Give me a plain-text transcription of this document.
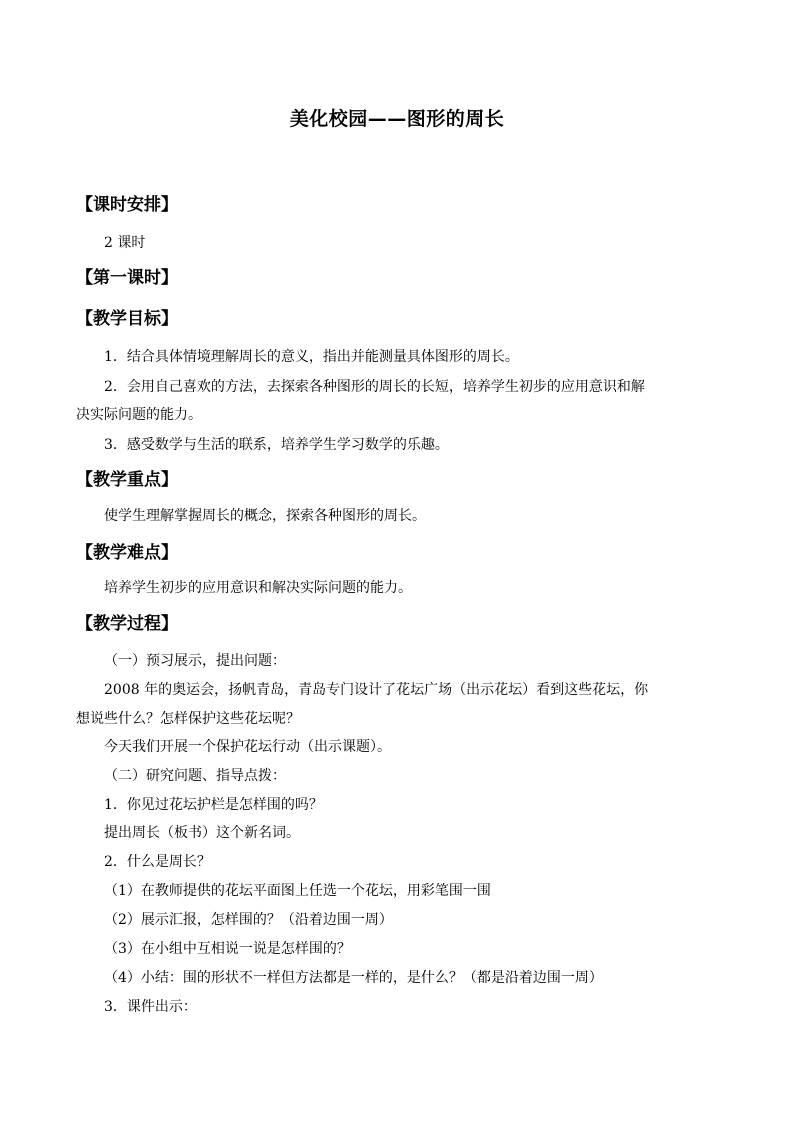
美化校园——图形的周长
【课时安排】
2 课时
【第一课时】
【教学目标】
1．结合具体情境理解周长的意义，指出并能测量具体图形的周长。
2．会用自己喜欢的方法，去探索各种图形的周长的长短，培养学生初步的应用意识和解
决实际问题的能力。
3．感受数学与生活的联系，培养学生学习数学的乐趣。
【教学重点】
使学生理解掌握周长的概念，探索各种图形的周长。
【教学难点】
培养学生初步的应用意识和解决实际问题的能力。
【教学过程】
（一）预习展示，提出问题：
2008 年的奥运会，扬帆青岛，青岛专门设计了花坛广场（出示花坛）看到这些花坛，你
想说些什么？怎样保护这些花坛呢？
今天我们开展一个保护花坛行动（出示课题）。
（二）研究问题、指导点拨：
1．你见过花坛护栏是怎样围的吗？
提出周长（板书）这个新名词。
2．什么是周长？
（1）在教师提供的花坛平面图上任选一个花坛，用彩笔围一围
（2）展示汇报，怎样围的？（沿着边围一周）
（3）在小组中互相说一说是怎样围的？
（4）小结：围的形状不一样但方法都是一样的，是什么？（都是沿着边围一周）
3．课件出示：
